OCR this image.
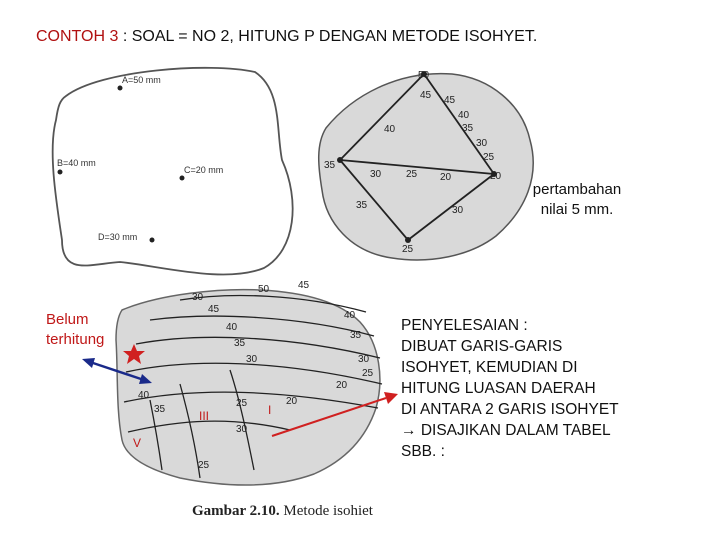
CONTOH 3 : SOAL = NO 2, HITUNG P DENGAN METODE ISOHYET.
A=50 mm
B=40 mm
C=20 mm
D=30 mm
50
45
40
35
30
25
20
45
40
35
30 25 20
35	30
25
50	45
40
35
30
25
20
40
35
30
25	20
45
40
35
30
25
30
III	I
V
pertambahan
nilai 5 mm.
Belum
terhitung
PENYELESAIAN :
DIBUAT GARIS-GARIS
ISOHYET, KEMUDIAN DI
HITUNG LUASAN DAERAH
DI ANTARA 2 GARIS ISOHYET
→ DISAJIKAN DALAM TABEL
SBB. :
Gambar 2.10. Metode isohiet
